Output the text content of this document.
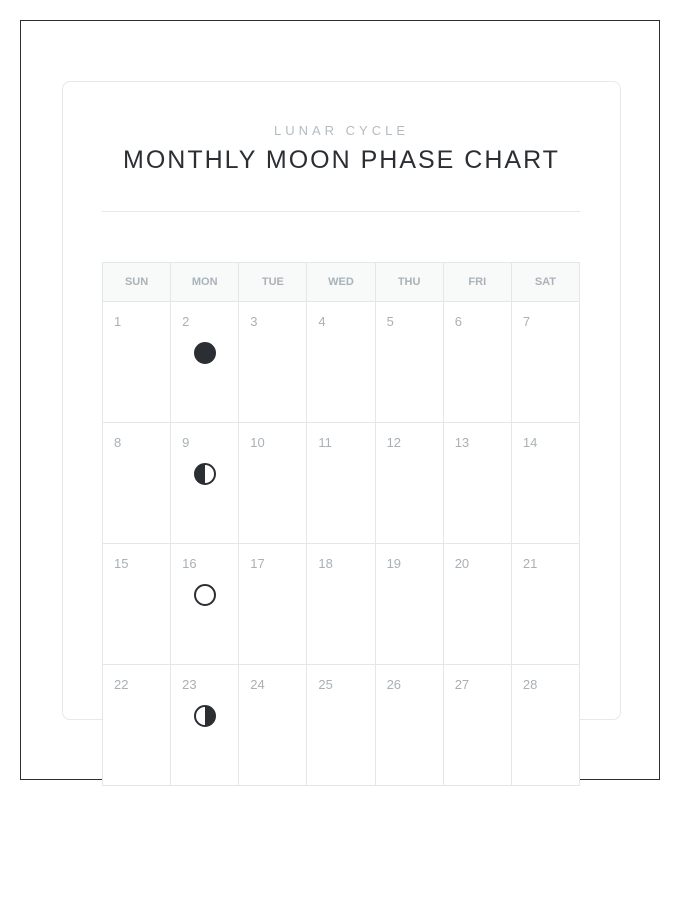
LUNAR CYCLE
MONTHLY MOON PHASE CHART
SUN	MON	TUE	WED	THU	FRI	SAT

1	2	3	4	5	6	7

8	9	10	11	12	13	14

15	16	17	18	19	20	21

22	23	24	25	26	27	28
